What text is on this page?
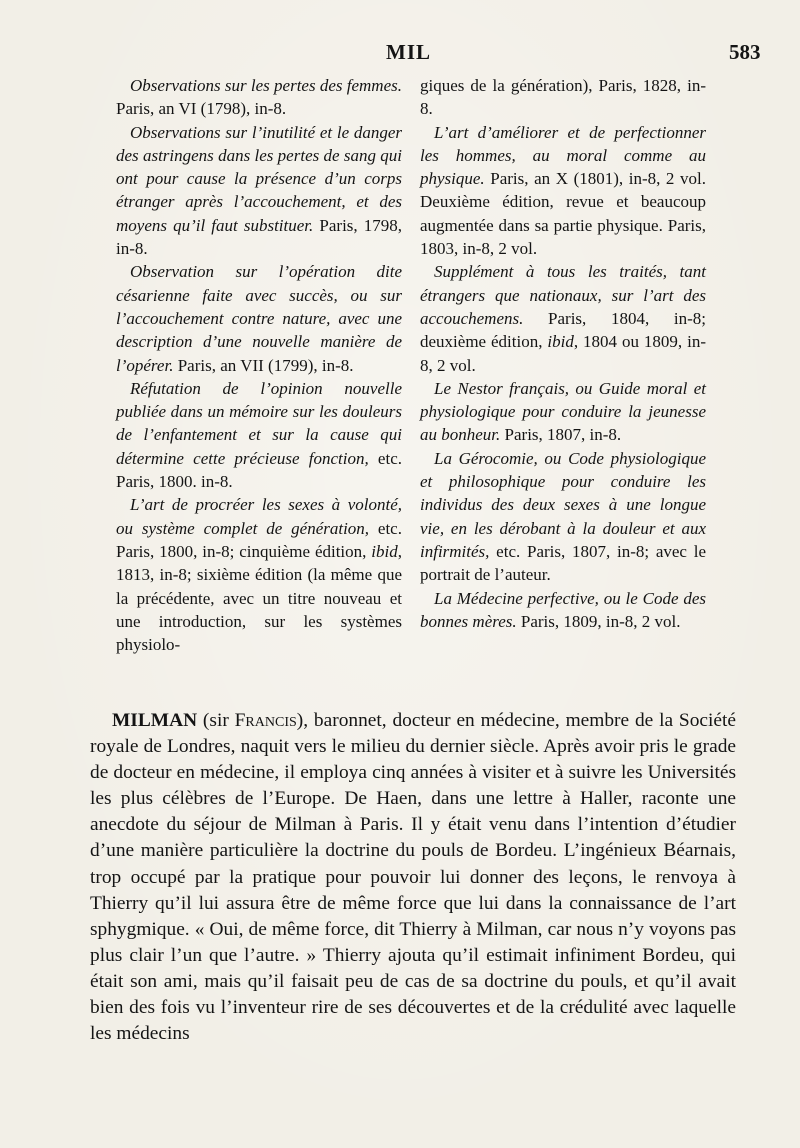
MIL	583

Observations sur les pertes des femmes. Paris, an VI (1798), in-8.

Observations sur l’inutilité et le danger des astringens dans les pertes de sang qui ont pour cause la présence d’un corps étranger après l’accouchement, et des moyens qu’il faut substituer. Paris, 1798, in-8.

Observation sur l’opération dite césarienne faite avec succès, ou sur l’accouchement contre nature, avec une description d’une nouvelle manière de l’opérer. Paris, an VII (1799), in-8.

Réfutation de l’opinion nouvelle publiée dans un mémoire sur les douleurs de l’enfantement et sur la cause qui détermine cette précieuse fonction, etc. Paris, 1800. in-8.

L’art de procréer les sexes à volonté, ou système complet de génération, etc. Paris, 1800, in-8; cinquième édition, ibid, 1813, in-8; sixième édition (la même que la précédente, avec un titre nouveau et une introduction, sur les systèmes physiolo-

giques de la génération), Paris, 1828, in-8.

L’art d’améliorer et de perfectionner les hommes, au moral comme au physique. Paris, an X (1801), in-8, 2 vol. Deuxième édition, revue et beaucoup augmentée dans sa partie physique. Paris, 1803, in-8, 2 vol.

Supplément à tous les traités, tant étrangers que nationaux, sur l’art des accouchemens. Paris, 1804, in-8; deuxième édition, ibid, 1804 ou 1809, in-8, 2 vol.

Le Nestor français, ou Guide moral et physiologique pour conduire la jeunesse au bonheur. Paris, 1807, in-8.

La Gérocomie, ou Code physiologique et philosophique pour conduire les individus des deux sexes à une longue vie, en les dérobant à la douleur et aux infirmités, etc. Paris, 1807, in-8; avec le portrait de l’auteur.

La Médecine perfective, ou le Code des bonnes mères. Paris, 1809, in-8, 2 vol.

MILMAN (sir Francis), baronnet, docteur en médecine, membre de la Société royale de Londres, naquit vers le milieu du dernier siècle. Après avoir pris le grade de docteur en médecine, il employa cinq années à visiter et à suivre les Universités les plus célèbres de l’Europe. De Haen, dans une lettre à Haller, raconte une anecdote du séjour de Milman à Paris. Il y était venu dans l’intention d’étudier d’une manière particulière la doctrine du pouls de Bordeu. L’ingénieux Béarnais, trop occupé par la pratique pour pouvoir lui donner des leçons, le renvoya à Thierry qu’il lui assura être de même force que lui dans la connaissance de l’art sphygmique. « Oui, de même force, dit Thierry à Milman, car nous n’y voyons pas plus clair l’un que l’autre. » Thierry ajouta qu’il estimait infiniment Bordeu, qui était son ami, mais qu’il faisait peu de cas de sa doctrine du pouls, et qu’il avait bien des fois vu l’inventeur rire de ses découvertes et de la crédulité avec laquelle les médecins
